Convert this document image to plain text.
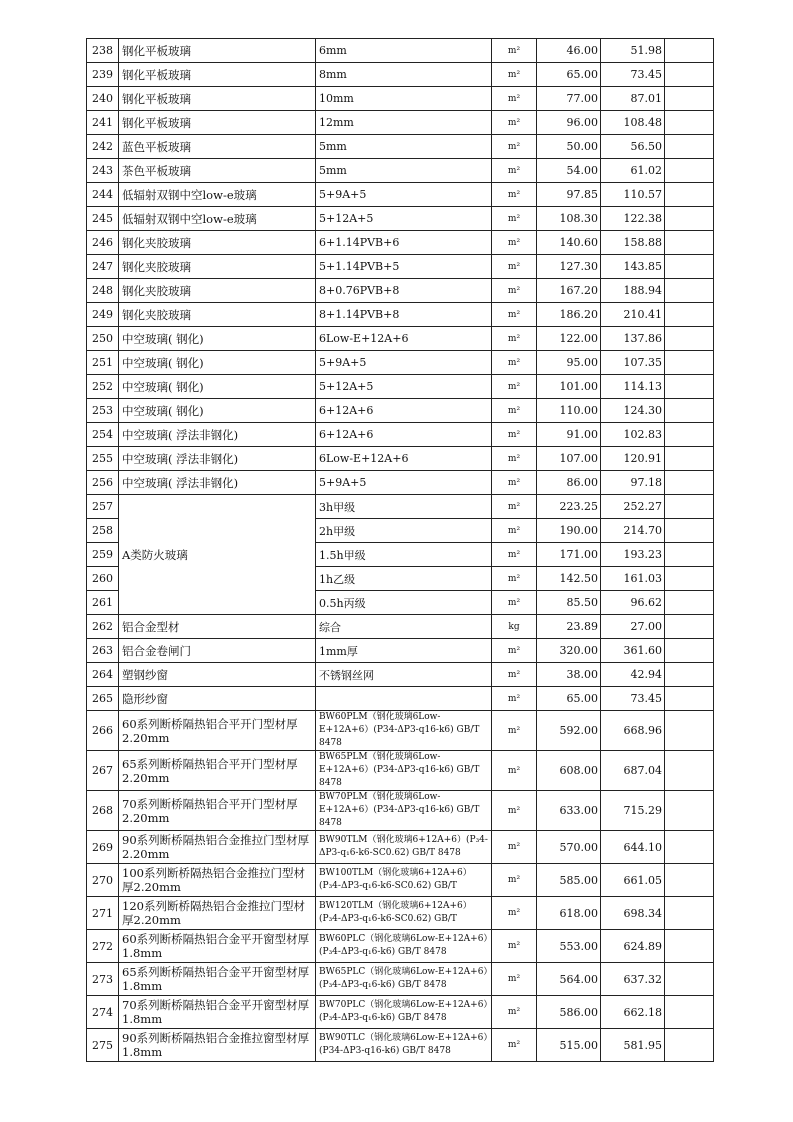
238	钢化平板玻璃	6mm	m²	46.00	51.98	
239	钢化平板玻璃	8mm	m²	65.00	73.45	
240	钢化平板玻璃	10mm	m²	77.00	87.01	
241	钢化平板玻璃	12mm	m²	96.00	108.48	
242	蓝色平板玻璃	5mm	m²	50.00	56.50	
243	茶色平板玻璃	5mm	m²	54.00	61.02	
244	低辐射双钢中空low-e玻璃	5+9A+5	m²	97.85	110.57	
245	低辐射双钢中空low-e玻璃	5+12A+5	m²	108.30	122.38	
246	钢化夹胶玻璃	6+1.14PVB+6	m²	140.60	158.88	
247	钢化夹胶玻璃	5+1.14PVB+5	m²	127.30	143.85	
248	钢化夹胶玻璃	8+0.76PVB+8	m²	167.20	188.94	
249	钢化夹胶玻璃	8+1.14PVB+8	m²	186.20	210.41	
250	中空玻璃( 钢化)	6Low-E+12A+6	m²	122.00	137.86	
251	中空玻璃( 钢化)	5+9A+5	m²	95.00	107.35	
252	中空玻璃( 钢化)	5+12A+5	m²	101.00	114.13	
253	中空玻璃( 钢化)	6+12A+6	m²	110.00	124.30	
254	中空玻璃( 浮法非钢化)	6+12A+6	m²	91.00	102.83	
255	中空玻璃( 浮法非钢化)	6Low-E+12A+6	m²	107.00	120.91	
256	中空玻璃( 浮法非钢化)	5+9A+5	m²	86.00	97.18	
257	A类防火玻璃	3h甲级	m²	223.25	252.27	
258		2h甲级	m²	190.00	214.70	
259		1.5h甲级	m²	171.00	193.23	
260		1h乙级	m²	142.50	161.03	
261		0.5h丙级	m²	85.50	96.62	
262	铝合金型材	综合	kg	23.89	27.00	
263	铝合金卷闸门	1mm厚	m²	320.00	361.60	
264	塑钢纱窗	不锈钢丝网	m²	38.00	42.94	
265	隐形纱窗		m²	65.00	73.45	
266	60系列断桥隔热铝合平开门型材厚2.20mm	BW60PLM（钢化玻璃6Low-E+12A+6）(P34-ΔP3-q16-k6) GB/T 8478	m²	592.00	668.96	
267	65系列断桥隔热铝合平开门型材厚2.20mm	BW65PLM（钢化玻璃6Low-E+12A+6）(P34-ΔP3-q16-k6) GB/T 8478	m²	608.00	687.04	
268	70系列断桥隔热铝合平开门型材厚2.20mm	BW70PLM（钢化玻璃6Low-E+12A+6）(P34-ΔP3-q16-k6) GB/T 8478	m²	633.00	715.29	
269	90系列断桥隔热铝合金推拉门型材厚2.20mm	BW90TLM（钢化玻璃6+12A+6）(P₃4-ΔP3-q₁6-k6-SC0.62) GB/T 8478	m²	570.00	644.10	
270	100系列断桥隔热铝合金推拉门型材厚2.20mm	BW100TLM（钢化玻璃6+12A+6）(P₃4-ΔP3-q₁6-k6-SC0.62) GB/T	m²	585.00	661.05	
271	120系列断桥隔热铝合金推拉门型材厚2.20mm	BW120TLM（钢化玻璃6+12A+6）(P₃4-ΔP3-q₁6-k6-SC0.62) GB/T	m²	618.00	698.34	
272	60系列断桥隔热铝合金平开窗型材厚1.8mm	BW60PLC（钢化玻璃6Low-E+12A+6）(P₃4-ΔP3-q₁6-k6) GB/T 8478	m²	553.00	624.89	
273	65系列断桥隔热铝合金平开窗型材厚1.8mm	BW65PLC（钢化玻璃6Low-E+12A+6）(P₃4-ΔP3-q₁6-k6) GB/T 8478	m²	564.00	637.32	
274	70系列断桥隔热铝合金平开窗型材厚1.8mm	BW70PLC（钢化玻璃6Low-E+12A+6）(P₃4-ΔP3-q₁6-k6) GB/T 8478	m²	586.00	662.18	
275	90系列断桥隔热铝合金推拉窗型材厚1.8mm	BW90TLC（钢化玻璃6Low-E+12A+6）(P34-ΔP3-q16-k6) GB/T 8478	m²	515.00	581.95	
